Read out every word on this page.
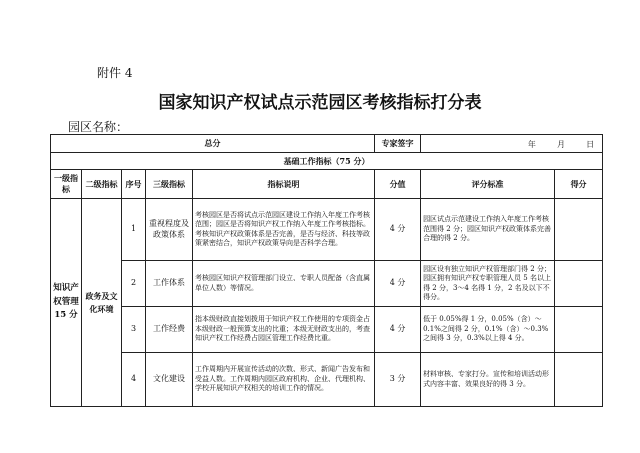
附件 4
国家知识产权试点示范园区考核指标打分表
园区名称：
总分					专家签字	年 月 日	

基础工作指标（75 分）							
一级指标	二级指标	序号	三级指标	指标说明	分值	评分标准	得分
知识产权管理 15 分	政务及文化环境	1	重视程度及政策体系	考核园区是否将试点示范园区建设工作纳入年度工作考核范围；园区是否将知识产权工作纳入年度工作考核指标。考核知识产权政策体系是否完善，是否与经济、科技等政策紧密结合，知识产权政策导向是否科学合理。	4 分	园区试点示范建设工作纳入年度工作考核范围得 2 分；园区知识产权政策体系完善合理的得 2 分。	
		2	工作体系	考核园区知识产权管理部门设立、专职人员配备（含直属单位人数）等情况。	4 分	园区设有独立知识产权管理部门得 2 分；园区拥有知识产权专职管理人员 5 名以上得 2 分，3～4 名得 1 分，2 名及以下不得分。	
		3	工作经费	指本级财政直接划拨用于知识产权工作使用的专项资金占本级财政一般预算支出的比重；本级无财政支出的，考查知识产权工作经费占园区管理工作经费比重。	4 分	低于 0.05%得 1 分，0.05%（含）～0.1%之间得 2 分，0.1%（含）～0.3%之间得 3 分，0.3%以上得 4 分。	
		4	文化建设	工作周期内开展宣传活动的次数、形式、新闻广告发布和受益人数。工作周期内园区政府机构、企业、代理机构、学校开展知识产权相关的培训工作的情况。	3 分	材料审核、专家打分。宣传和培训活动形式内容丰富、效果良好的得 3 分。	
